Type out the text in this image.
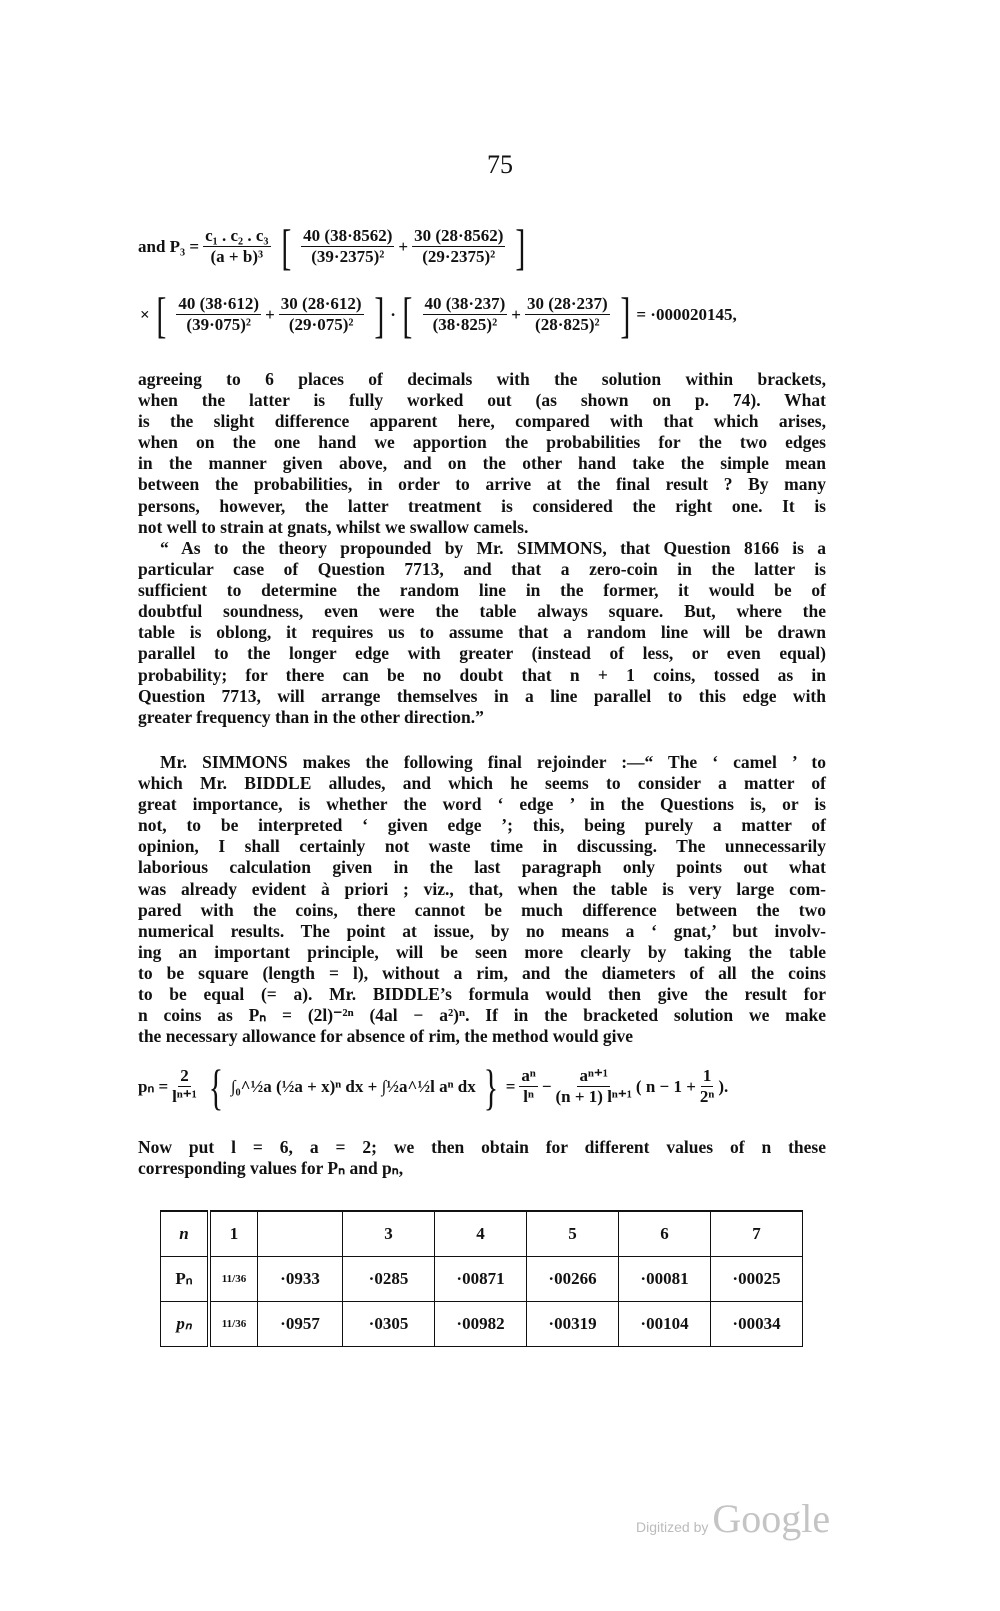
75
and $P_3 = \frac{\text{c₁ . c₂ . c₃}}{\text{(a + b)³}}$ [ $\frac{40 (38\cdot 8562)}{\text{(39·2375)²}} + \frac{30 (28\cdot 8562)}{\text{(29·2375)²}}$ ]
× [ $\frac{40 (38\cdot 612)}{\text{(39·075)²}} + \frac{30 (28\cdot 612)}{\text{(29·075)²}}$ ] · [ $\frac{40 (38\cdot 237)}{\text{(38·825)²}} + \frac{30 (28\cdot 237)}{\text{(28·825)²}}$ ] = ·000020145,
agreeing to 6 places of decimals with the solution within brackets,
when the latter is fully worked out (as shown on p. 74). What
is the slight difference apparent here, compared with that which arises,
when on the one hand we apportion the probabilities for the two edges
in the manner given above, and on the other hand take the simple mean
between the probabilities, in order to arrive at the final result ? By many
persons, however, the latter treatment is considered the right one. It is
not well to strain at gnats, whilst we swallow camels.
“ As to the theory propounded by Mr. SIMMONS, that Question 8166 is a
particular case of Question 7713, and that a zero-coin in the latter is
sufficient to determine the random line in the former, it would be of
doubtful soundness, even were the table always square. But, where the
table is oblong, it requires us to assume that a random line will be drawn
parallel to the longer edge with greater (instead of less, or even equal)
probability; for there can be no doubt that n + 1 coins, tossed as in
Question 7713, will arrange themselves in a line parallel to this edge with
greater frequency than in the other direction.”
Mr. SIMMONS makes the following final rejoinder :—“ The ‘ camel ’ to
which Mr. BIDDLE alludes, and which he seems to consider a matter of
great importance, is whether the word ‘ edge ’ in the Questions is, or is
not, to be interpreted ‘ given edge ’; this, being purely a matter of
opinion, I shall certainly not waste time in discussing. The unnecessarily
laborious calculation given in the last paragraph only points out what
was already evident à priori ; viz., that, when the table is very large com-
pared with the coins, there cannot be much difference between the two
numerical results. The point at issue, by no means a ‘ gnat,’ but involv-
ing an important principle, will be seen more clearly by taking the table
to be square (length = l), without a rim, and the diameters of all the coins
to be equal (= a). Mr. BIDDLE’s formula would then give the result for
n coins as Pₙ = (2l)⁻²ⁿ (4al − a²)ⁿ. If in the bracketed solution we make
the necessary allowance for absence of rim, the method would give
$p_n = \frac{2}{\text{lⁿ⁺¹}}$ { ∫₀^½a (½a + x)ⁿ dx +
∫½a^½l aⁿ dx } = $\frac{\text{aⁿ}}{\text{lⁿ}} - \frac{\text{aⁿ⁺¹}}{\text{(n + 1) lⁿ⁺¹}}$ ( $n - 1 + \frac{1}{\text{2ⁿ}}$ ).
Now put l = 6, a = 2; we then obtain for different values of n these
corresponding values for Pₙ and pₙ,
n	1		3	4	5	6	7
Pₙ	11/36	·0933	·0285	·00871	·00266	·00081	·00025
pₙ	11/36	·0957	·0305	·00982	·00319	·00104	·00034
Digitized by Google
